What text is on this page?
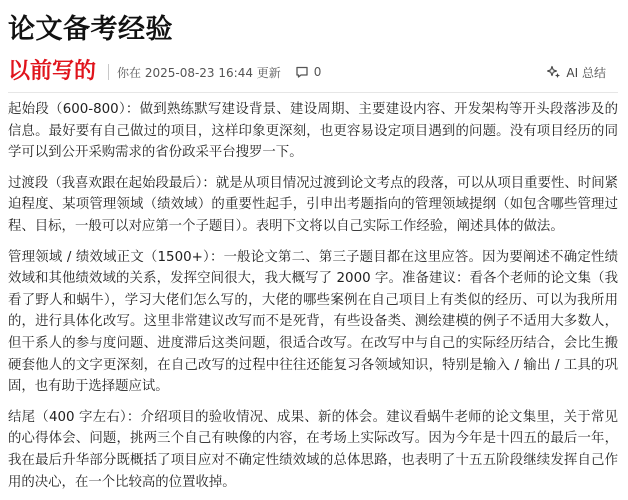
论文备考经验
以前写的 你在 2025-08-23 16:44 更新	0	AI 总结

起始段（600-800）：做到熟练默写建设背景、建设周期、主要建设内容、开发架构等开头段落涉及的信息。最好要有自己做过的项目，这样印象更深刻，也更容易设定项目遇到的问题。没有项目经历的同学可以到公开采购需求的省份政采平台搜罗一下。

过渡段（我喜欢跟在起始段最后）：就是从项目情况过渡到论文考点的段落，可以从项目重要性、时间紧迫程度、某项管理领域（绩效域）的重要性起手，引申出考题指向的管理领域提纲（如包含哪些管理过程、目标，一般可以对应第一个子题目）。表明下文将以自己实际工作经验，阐述具体的做法。

管理领域 / 绩效域正文（1500+）：一般论文第二、第三子题目都在这里应答。因为要阐述不确定性绩效域和其他绩效域的关系，发挥空间很大，我大概写了 2000 字。准备建议：看各个老师的论文集（我看了野人和蜗牛），学习大佬们怎么写的，大佬的哪些案例在自己项目上有类似的经历、可以为我所用的，进行具体化改写。这里非常建议改写而不是死背，有些设备类、测绘建模的例子不适用大多数人，但干系人的参与度问题、进度滞后这类问题，很适合改写。在改写中与自己的实际经历结合，会比生搬硬套他人的文字更深刻，在自己改写的过程中往往还能复习各领域知识，特别是输入 / 输出 / 工具的巩固，也有助于选择题应试。

结尾（400 字左右）：介绍项目的验收情况、成果、新的体会。建议看蜗牛老师的论文集里，关于常见的心得体会、问题，挑两三个自己有映像的内容，在考场上实际改写。因为今年是十四五的最后一年，我在最后升华部分既概括了项目应对不确定性绩效域的总体思路，也表明了十五五阶段继续发挥自己作用的决心，在一个比较高的位置收掉。
